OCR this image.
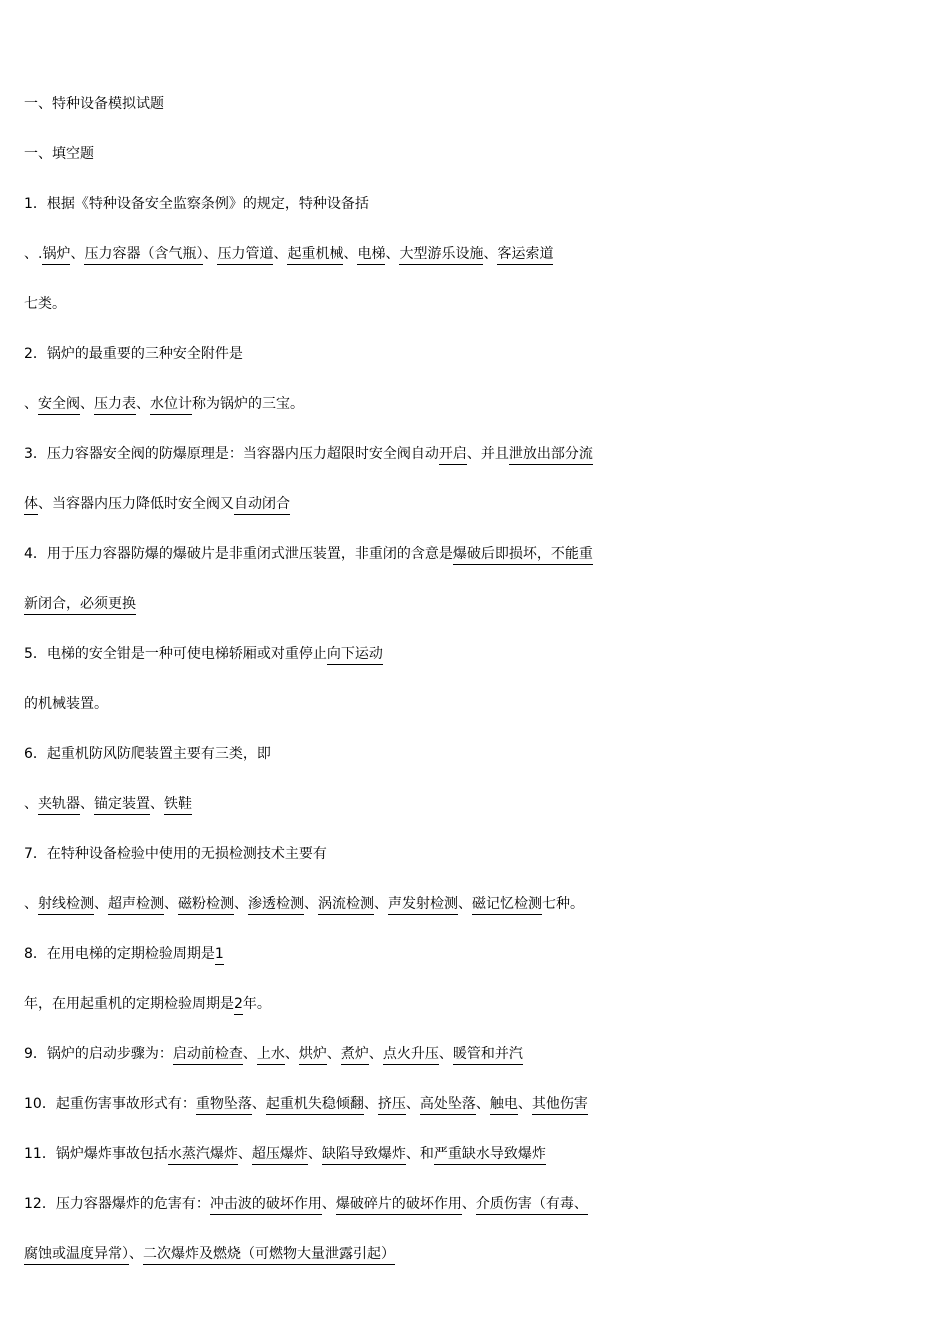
一、特种设备模拟试题
一、填空题
1．根据《特种设备安全监察条例》的规定，特种设备括
、.锅炉、压力容器（含气瓶）、压力管道、起重机械、电梯、大型游乐设施、客运索道
七类。
2．锅炉的最重要的三种安全附件是
、安全阀、压力表、水位计称为锅炉的三宝。
3．压力容器安全阀的防爆原理是：当容器内压力超限时安全阀自动开启、并且泄放出部分流
体、当容器内压力降低时安全阀又自动闭合
4．用于压力容器防爆的爆破片是非重闭式泄压装置，非重闭的含意是爆破后即损坏，不能重
新闭合，必须更换
5．电梯的安全钳是一种可使电梯轿厢或对重停止向下运动
的机械装置。
6．起重机防风防爬装置主要有三类，即
、夹轨器、锚定装置、铁鞋
7．在特种设备检验中使用的无损检测技术主要有
、射线检测、超声检测、磁粉检测、渗透检测、涡流检测、声发射检测、磁记忆检测七种。
8．在用电梯的定期检验周期是1
年，在用起重机的定期检验周期是2年。
9．锅炉的启动步骤为：启动前检查、上水、烘炉、煮炉、点火升压、暖管和并汽
10．起重伤害事故形式有：重物坠落、起重机失稳倾翻、挤压、高处坠落、触电、其他伤害
11．锅炉爆炸事故包括水蒸汽爆炸、超压爆炸、缺陷导致爆炸、和严重缺水导致爆炸
12．压力容器爆炸的危害有：冲击波的破坏作用、爆破碎片的破坏作用、介质伤害（有毒、
腐蚀或温度异常）、二次爆炸及燃烧（可燃物大量泄露引起）
